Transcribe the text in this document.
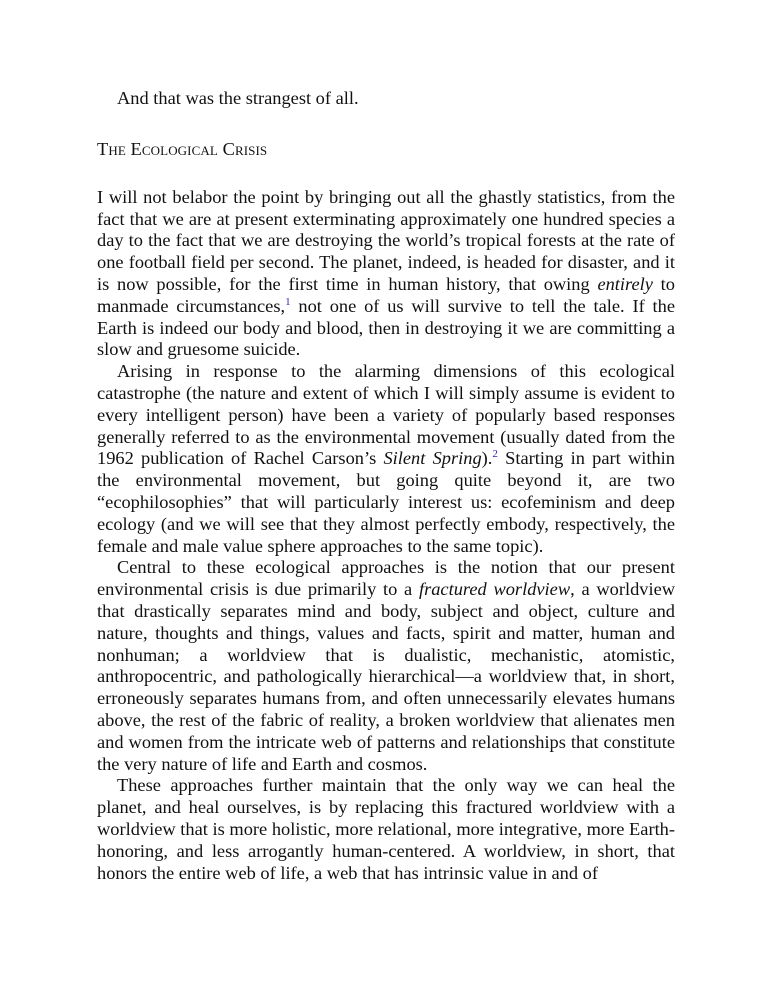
And that was the strangest of all.

The Ecological Crisis

I will not belabor the point by bringing out all the ghastly statistics, from the fact that we are at present exterminating approximately one hundred species a day to the fact that we are destroying the world’s tropical forests at the rate of one football field per second. The planet, indeed, is headed for disaster, and it is now possible, for the first time in human history, that owing entirely to manmade circumstances,$^1$ not one of us will survive to tell the tale. If the Earth is indeed our body and blood, then in destroying it we are committing a slow and gruesome suicide.

Arising in response to the alarming dimensions of this ecological catastrophe (the nature and extent of which I will simply assume is evident to every intelligent person) have been a variety of popularly based responses generally referred to as the environmental movement (usually dated from the 1962 publication of Rachel Carson’s Silent Spring).$^2$ Starting in part within the environmental movement, but going quite beyond it, are two “ecophilosophies” that will particularly interest us: ecofeminism and deep ecology (and we will see that they almost perfectly embody, respectively, the female and male value sphere approaches to the same topic).

Central to these ecological approaches is the notion that our present environmental crisis is due primarily to a fractured worldview, a worldview that drastically separates mind and body, subject and object, culture and nature, thoughts and things, values and facts, spirit and matter, human and nonhuman; a worldview that is dualistic, mechanistic, atomistic, anthropocentric, and pathologically hierarchical—a worldview that, in short, erroneously separates humans from, and often unnecessarily elevates humans above, the rest of the fabric of reality, a broken worldview that alienates men and women from the intricate web of patterns and relationships that constitute the very nature of life and Earth and cosmos.

These approaches further maintain that the only way we can heal the planet, and heal ourselves, is by replacing this fractured worldview with a worldview that is more holistic, more relational, more integrative, more Earth-honoring, and less arrogantly human-centered. A worldview, in short, that honors the entire web of life, a web that has intrinsic value in and of
